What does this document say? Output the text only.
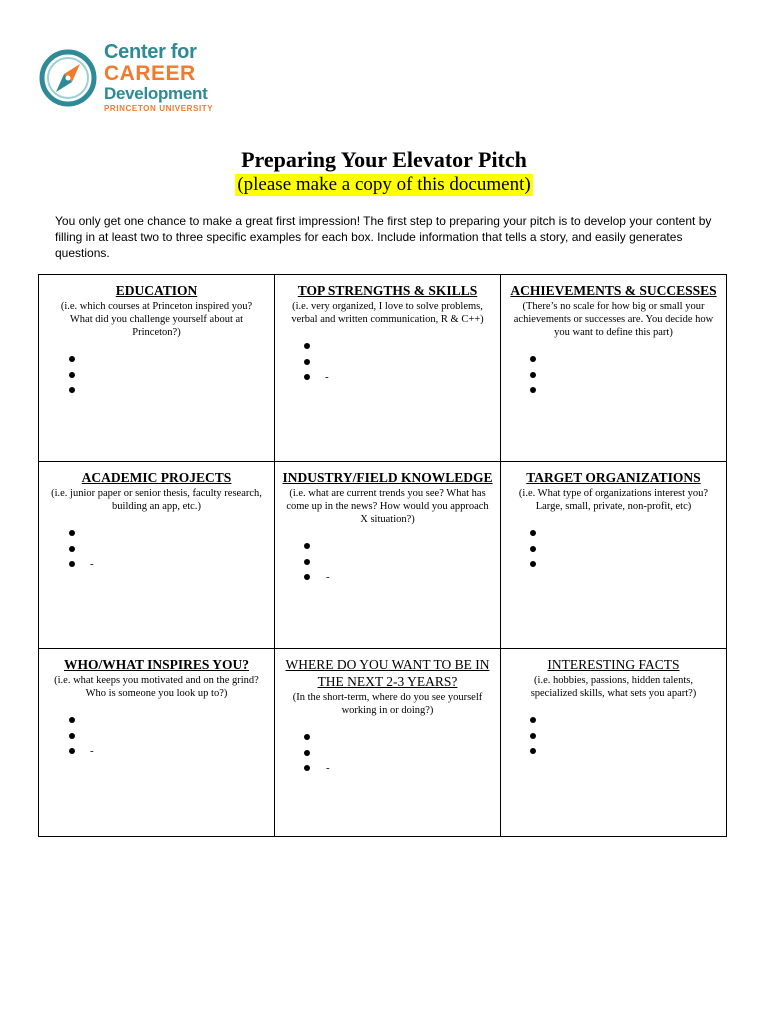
Center for
CAREER
Development
PRINCETON UNIVERSITY
Preparing Your Elevator Pitch
(please make a copy of this document)

You only get one chance to make a great first impression! The first step to preparing your pitch is to develop your content by filling in at least two to three specific examples for each box. Include information that tells a story, and easily generates questions.

EDUCATION
(i.e. which courses at Princeton inspired you? What did you challenge yourself about at Princeton?)
TOP STRENGTHS & SKILLS
(i.e. very organized, I love to solve problems, verbal and written communication, R & C++)
-
ACHIEVEMENTS & SUCCESSES
(There’s no scale for how big or small your achievements or successes are. You decide how you want to define this part)
ACADEMIC PROJECTS
(i.e. junior paper or senior thesis, faculty research, building an app, etc.)
-
INDUSTRY/FIELD KNOWLEDGE
(i.e. what are current trends you see? What has come up in the news? How would you approach X situation?)
-
TARGET ORGANIZATIONS
(i.e. What type of organizations interest you? Large, small, private, non-profit, etc)
WHO/WHAT INSPIRES YOU?
(i.e. what keeps you motivated and on the grind? Who is someone you look up to?)
-
WHERE DO YOU WANT TO BE IN THE NEXT 2-3 YEARS?
(In the short-term, where do you see yourself working in or doing?)
-
INTERESTING FACTS
(i.e. hobbies, passions, hidden talents, specialized skills, what sets you apart?)
